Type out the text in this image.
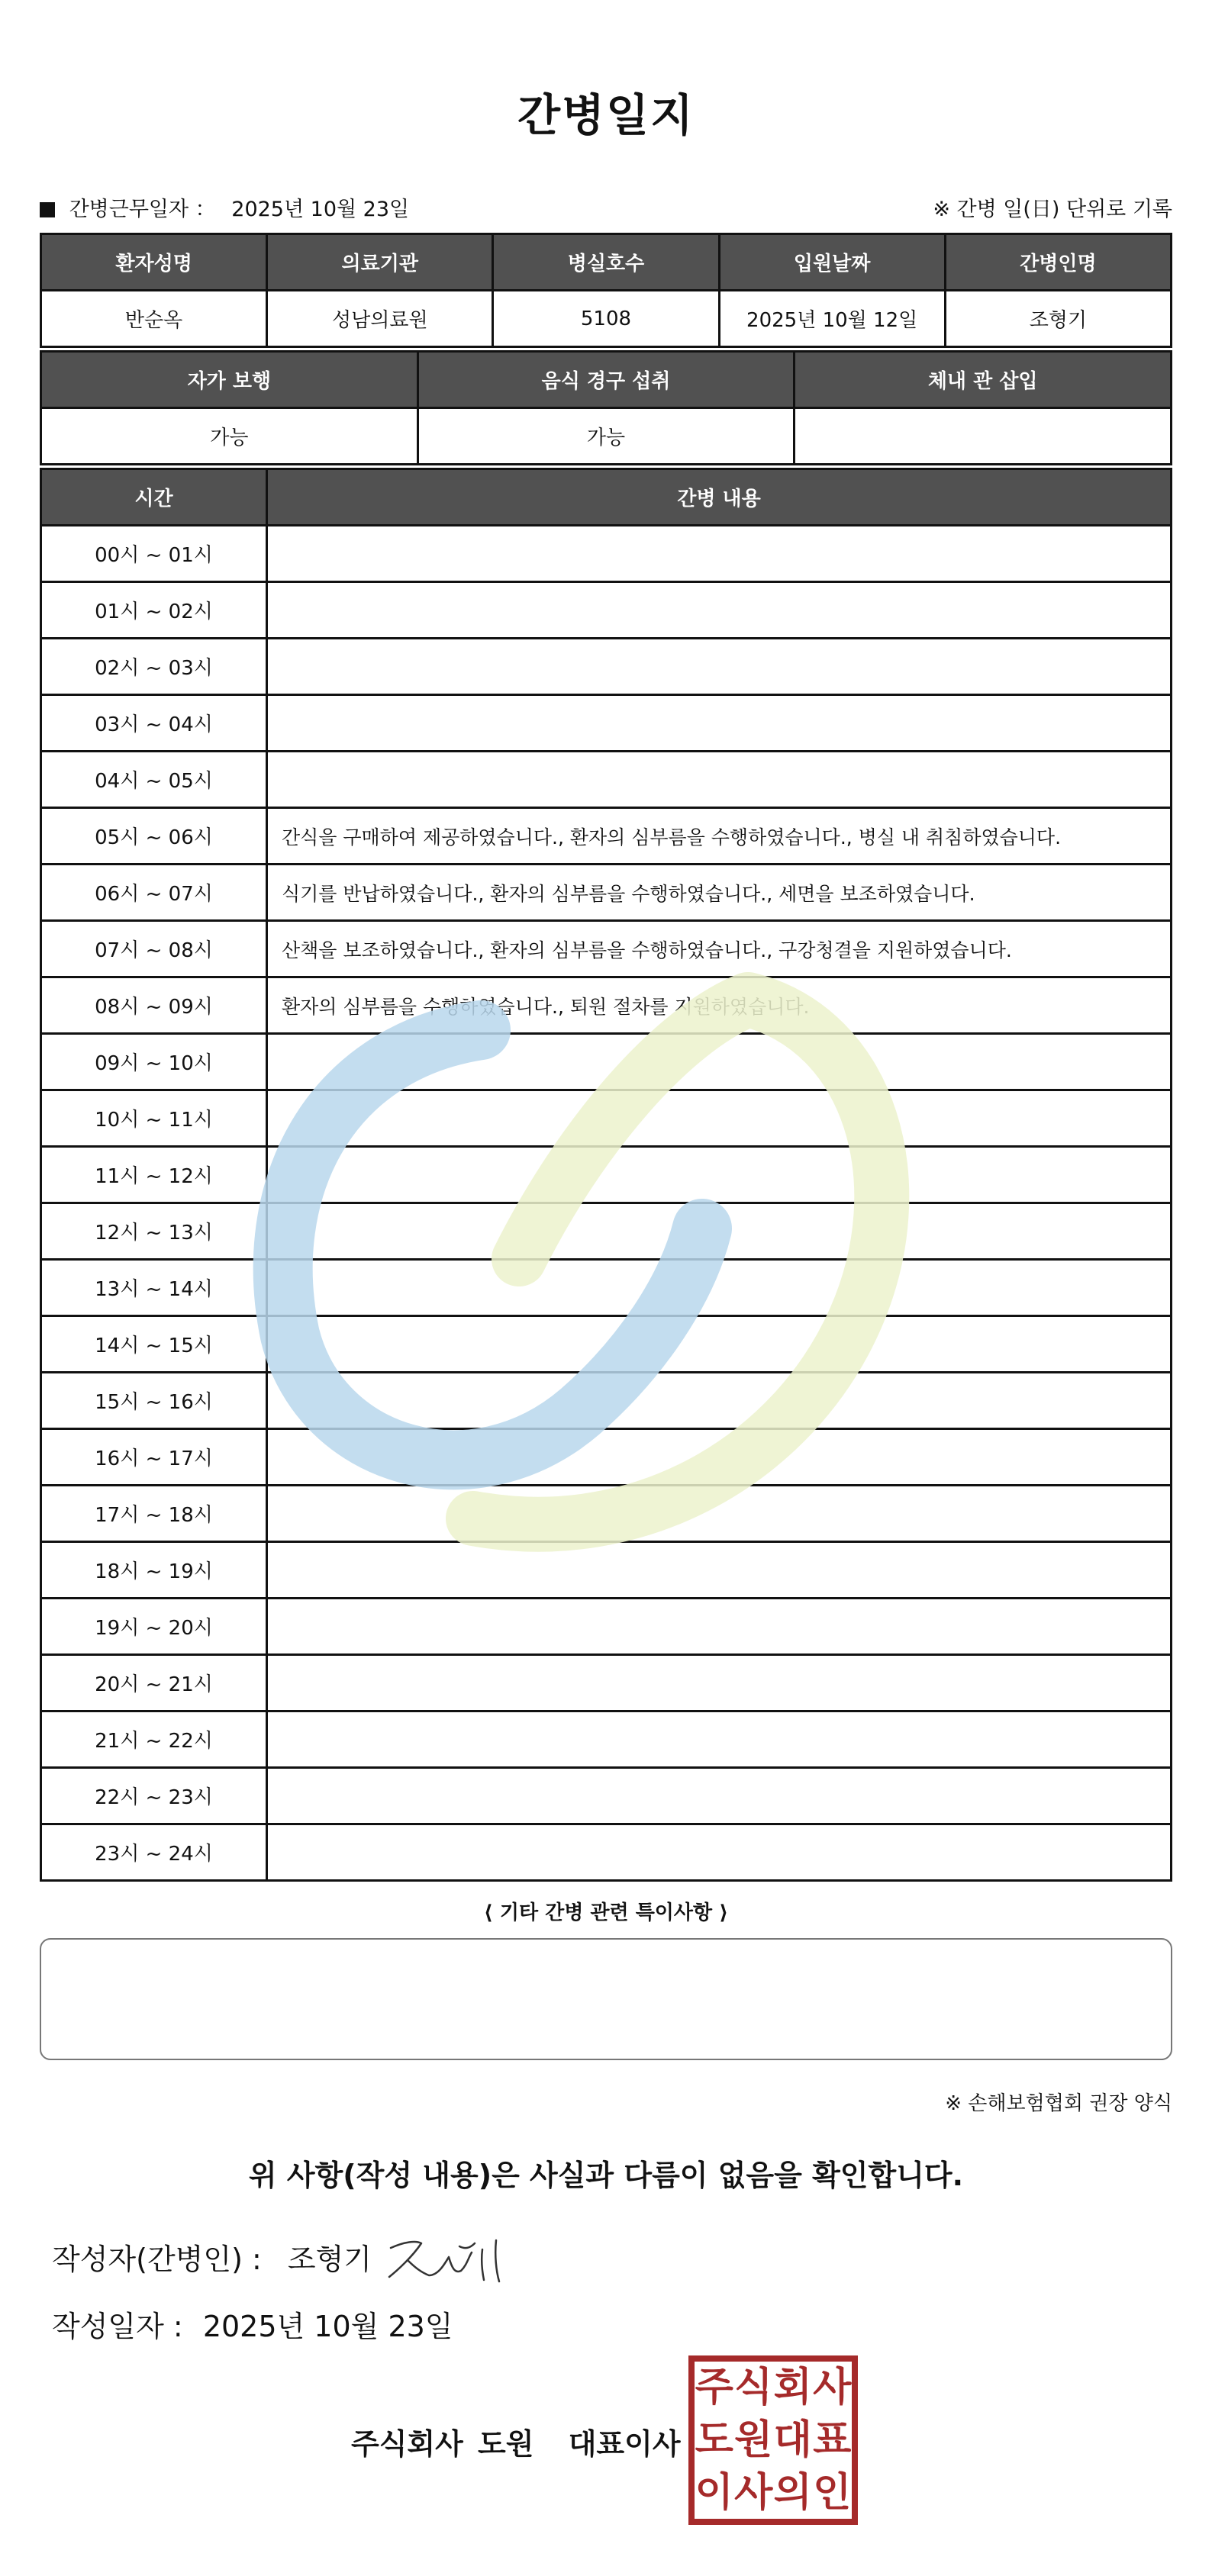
간병일지
간병근무일자 ： 2025년 10월 23일	※ 간병 일(日) 단위로 기록
환자성명	의료기관	병실호수	입원날짜	간병인명
반순옥	성남의료원	5108	2025년 10월 12일	조형기
자가 보행	음식 경구 섭취	체내 관 삽입
가능	가능	
시간	간병 내용
00시 ~ 01시	
01시 ~ 02시	
02시 ~ 03시	
03시 ~ 04시	
04시 ~ 05시	
05시 ~ 06시	간식을 구매하여 제공하였습니다., 환자의 심부름을 수행하였습니다., 병실 내 취침하였습니다.
06시 ~ 07시	식기를 반납하였습니다., 환자의 심부름을 수행하였습니다., 세면을 보조하였습니다.
07시 ~ 08시	산책을 보조하였습니다., 환자의 심부름을 수행하였습니다., 구강청결을 지원하였습니다.
08시 ~ 09시	환자의 심부름을 수행하였습니다., 퇴원 절차를 지원하였습니다.
09시 ~ 10시	
10시 ~ 11시	
11시 ~ 12시	
12시 ~ 13시	
13시 ~ 14시	
14시 ~ 15시	
15시 ~ 16시	
16시 ~ 17시	
17시 ~ 18시	
18시 ~ 19시	
19시 ~ 20시	
20시 ~ 21시	
21시 ~ 22시	
22시 ~ 23시	
23시 ~ 24시	
⟨ 기타 간병 관련 특이사항 ⟩
※ 손해보험협회 권장 양식
위 사항(작성 내용)은 사실과 다름이 없음을 확인합니다.
작성자(간병인) : 조형기
작성일자 : 2025년 10월 23일
주식회사 도원 대표이사
주 식 회 사
도 원 대 표
이 사 의 인
